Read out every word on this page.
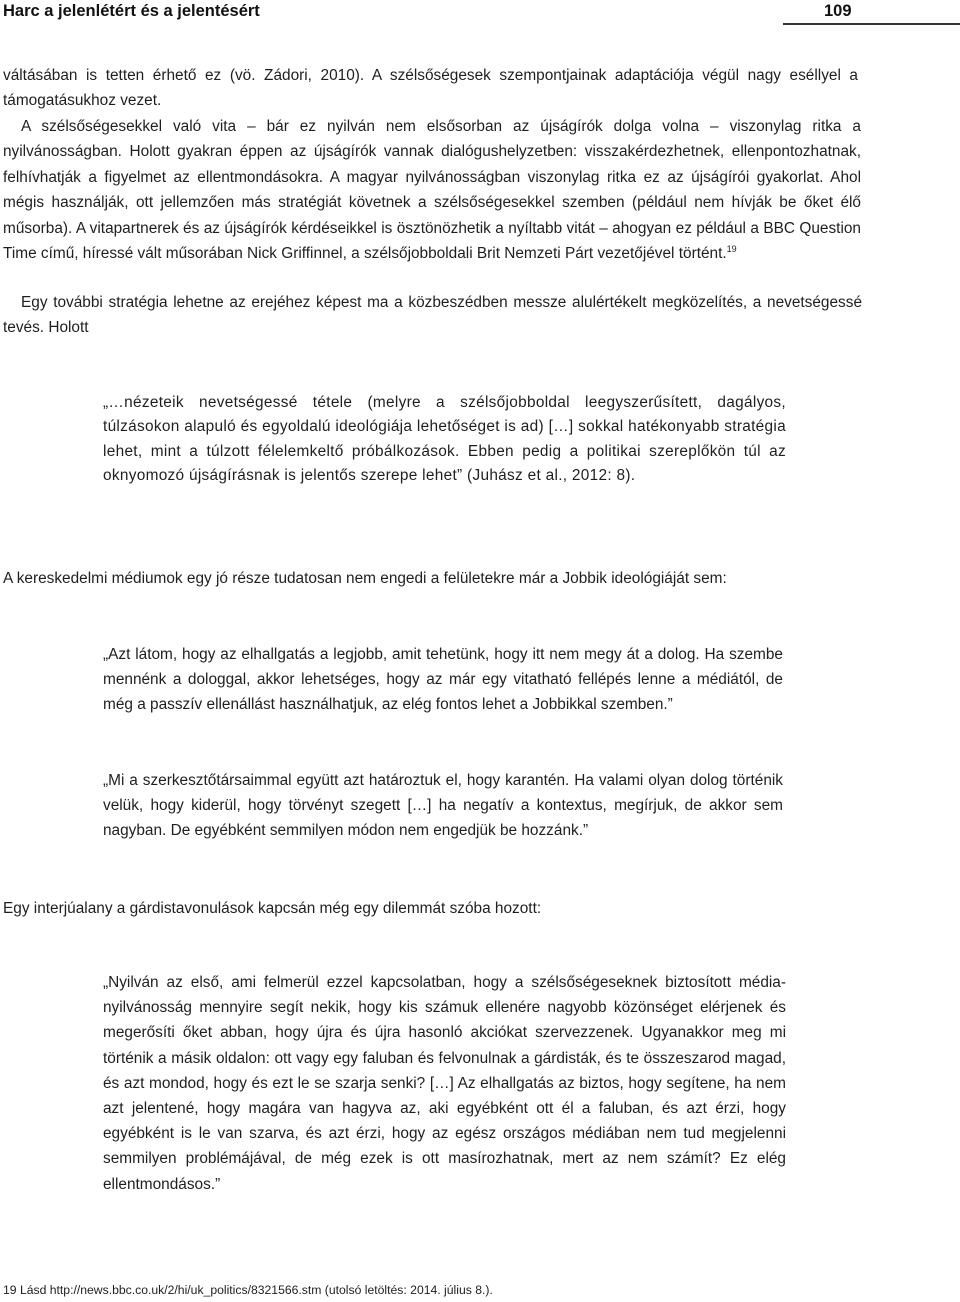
Harc a jelenlétért és a jelentésért	109

váltásában is tetten érhető ez (vö. Zádori, 2010). A szélsőségesek szempontjainak adaptációja végül nagy eséllyel a támogatásukhoz vezet.

A szélsőségesekkel való vita – bár ez nyilván nem elsősorban az újságírók dolga volna – viszonylag ritka a nyilvánosságban. Holott gyakran éppen az újságírók vannak dialógushelyzetben: visszakérdezhetnek, ellenpontozhatnak, felhívhatják a figyelmet az ellentmondásokra. A magyar nyilvánosságban viszonylag ritka ez az újságírói gyakorlat. Ahol mégis használják, ott jellemzően más stratégiát követnek a szélsőségesekkel szemben (például nem hívják be őket élő műsorba). A vitapartnerek és az újságírók kérdéseikkel is ösztönözhetik a nyíltabb vitát – ahogyan ez például a BBC Question Time című, híressé vált műsorában Nick Griffinnel, a szélsőjobboldali Brit Nemzeti Párt vezetőjével történt.$^{19}$

Egy további stratégia lehetne az erejéhez képest ma a közbeszédben messze alulértékelt megközelítés, a nevetségessé tevés. Holott

„…nézeteik nevetségessé tétele (melyre a szélsőjobboldal leegyszerűsített, dagályos, túlzásokon alapuló és egyoldalú ideológiája lehetőséget is ad) […] sokkal hatékonyabb stratégia lehet, mint a túlzott félelemkeltő próbálkozások. Ebben pedig a politikai szereplőkön túl az oknyomozó újságírásnak is jelentős szerepe lehet” (Juhász et al., 2012: 8).

A kereskedelmi médiumok egy jó része tudatosan nem engedi a felületekre már a Jobbik ideológiáját sem:

„Azt látom, hogy az elhallgatás a legjobb, amit tehetünk, hogy itt nem megy át a dolog. Ha szembe mennénk a dologgal, akkor lehetséges, hogy az már egy vitatható fellépés lenne a médiától, de még a passzív ellenállást használhatjuk, az elég fontos lehet a Jobbikkal szemben.”

„Mi a szerkesztőtársaimmal együtt azt határoztuk el, hogy karantén. Ha valami olyan dolog történik velük, hogy kiderül, hogy törvényt szegett […] ha negatív a kontextus, megírjuk, de akkor sem nagyban. De egyébként semmilyen módon nem engedjük be hozzánk.”

Egy interjúalany a gárdistavonulások kapcsán még egy dilemmát szóba hozott:

„Nyilván az első, ami felmerül ezzel kapcsolatban, hogy a szélsőségeseknek biztosított média-nyilvánosság mennyire segít nekik, hogy kis számuk ellenére nagyobb közönséget elérjenek és megerősíti őket abban, hogy újra és újra hasonló akciókat szervezzenek. Ugyanakkor meg mi történik a másik oldalon: ott vagy egy faluban és felvonulnak a gárdisták, és te összeszarod magad, és azt mondod, hogy és ezt le se szarja senki? […] Az elhallgatás az biztos, hogy segítene, ha nem azt jelentené, hogy magára van hagyva az, aki egyébként ott él a faluban, és azt érzi, hogy egyébként is le van szarva, és azt érzi, hogy az egész országos médiában nem tud megjelenni semmilyen problémájával, de még ezek is ott masírozhatnak, mert az nem számít? Ez elég ellentmondásos.”

19 Lásd http://news.bbc.co.uk/2/hi/uk_politics/8321566.stm (utolsó letöltés: 2014. július 8.).
